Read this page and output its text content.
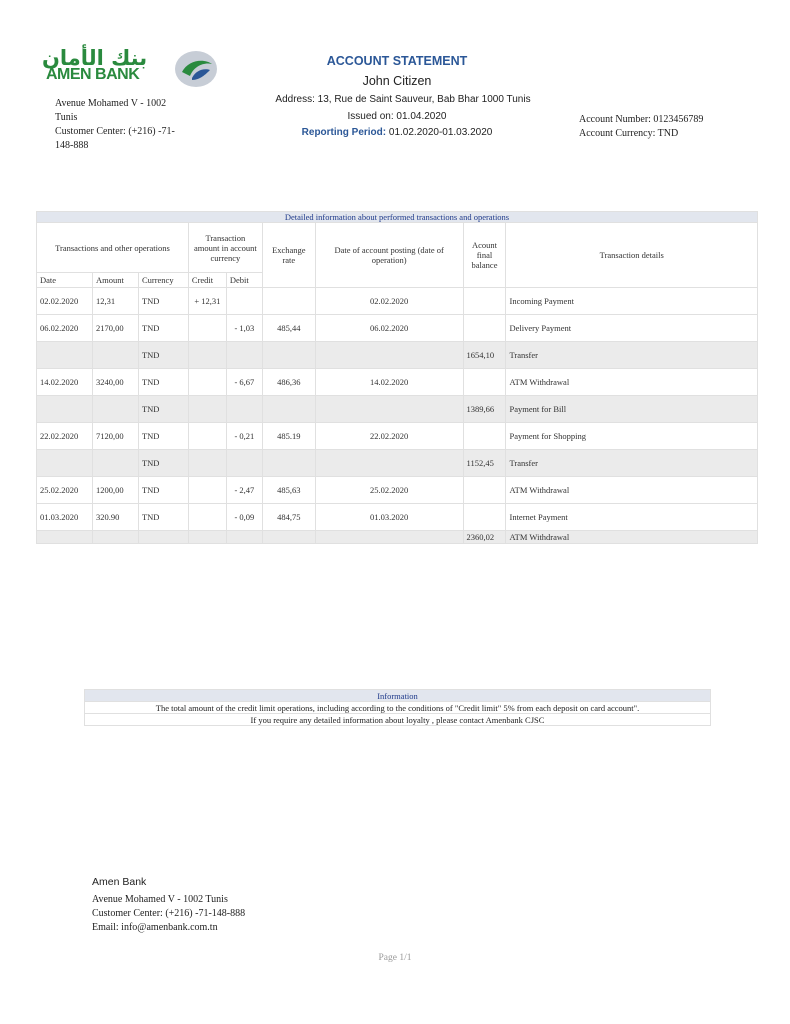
بنك الأمان
AMEN BANK
Avenue Mohamed V - 1002
Tunis
Customer Center: (+216) -71-
148-888
ACCOUNT STATEMENT
John Citizen
Address: 13, Rue de Saint Sauveur, Bab Bhar 1000 Tunis
Issued on: 01.04.2020
Reporting Period: 01.02.2020-01.03.2020
Account Number: 0123456789
Account Currency: TND
Detailed information about performed transactions and operations								
Transactions and other operations			Transaction amount in account currency		Exchange rate	Date of account posting (date of operation)	Acount final balance	Transaction details
Date	Amount	Currency	Credit	Debit				
02.02.2020	12,31	TND	+ 12,31			02.02.2020		Incoming Payment
06.02.2020	2170,00	TND		- 1,03	485,44	06.02.2020		Delivery Payment
		TND					1654,10	Transfer
14.02.2020	3240,00	TND		- 6,67	486,36	14.02.2020		ATM Withdrawal
		TND					1389,66	Payment for Bill
22.02.2020	7120,00	TND		- 0,21	485.19	22.02.2020		Payment for Shopping
		TND					1152,45	Transfer
25.02.2020	1200,00	TND		- 2,47	485,63	25.02.2020		ATM Withdrawal
01.03.2020	320.90	TND		- 0,09	484,75	01.03.2020		Internet Payment
							2360,02	ATM Withdrawal
Information
The total amount of the credit limit operations, including according to the conditions of "Credit limit" 5% from each deposit on card account".
If you require any detailed information about loyalty , please contact Amenbank CJSC
Amen Bank
Avenue Mohamed V - 1002 Tunis
Customer Center: (+216) -71-148-888
Email: info@amenbank.com.tn
Page 1/1
